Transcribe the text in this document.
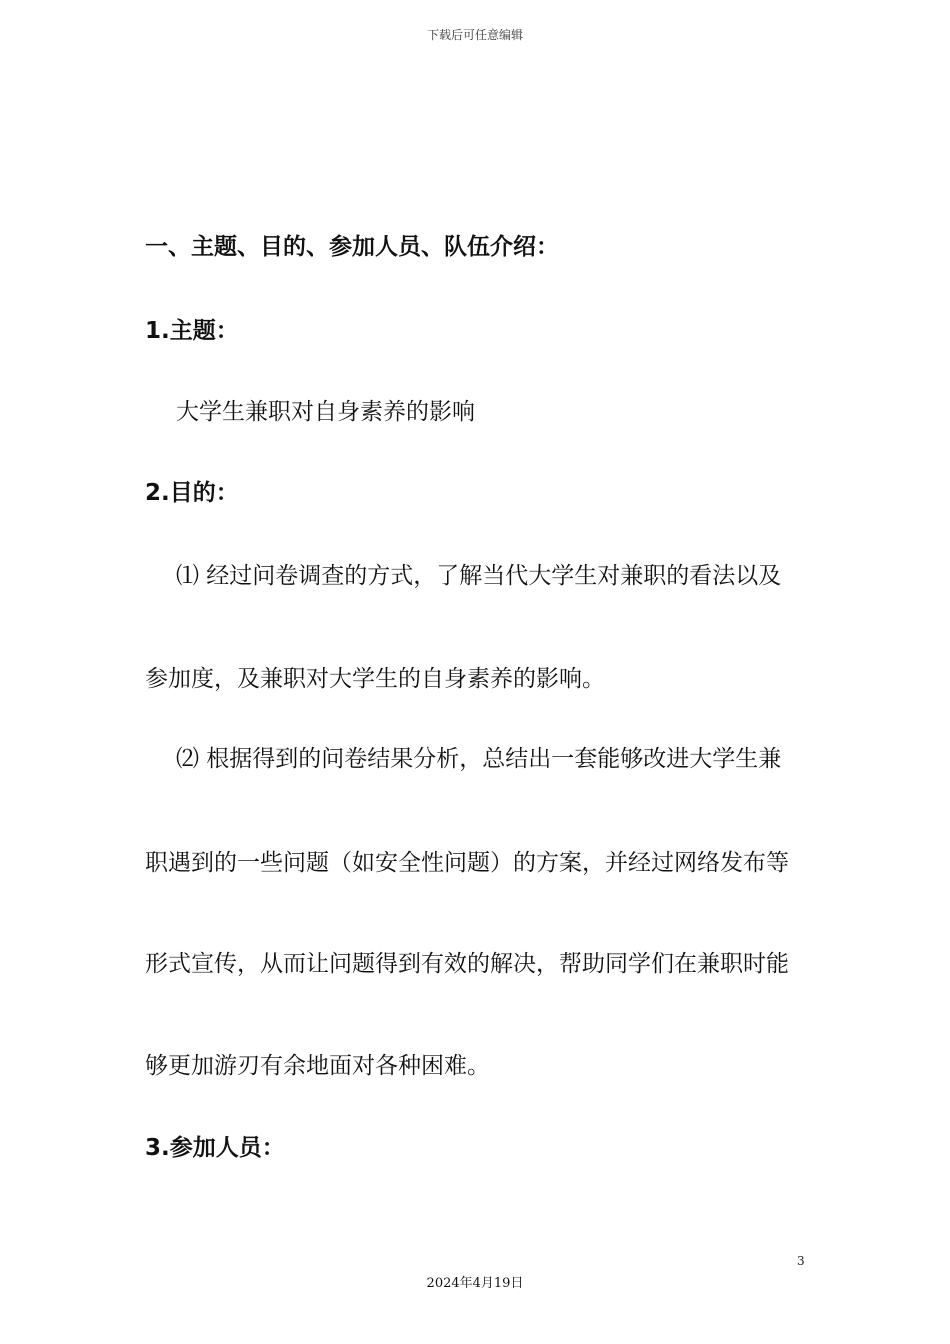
下载后可任意编辑
一、主题、目的、参加人员、队伍介绍：
1.主题：
大学生兼职对自身素养的影响
2.目的：
⑴ 经过问卷调查的方式，了解当代大学生对兼职的看法以及
参加度，及兼职对大学生的自身素养的影响。
⑵ 根据得到的问卷结果分析，总结出一套能够改进大学生兼
职遇到的一些问题（如安全性问题）的方案，并经过网络发布等
形式宣传，从而让问题得到有效的解决，帮助同学们在兼职时能
够更加游刃有余地面对各种困难。
3.参加人员：
3
2024年4月19日
